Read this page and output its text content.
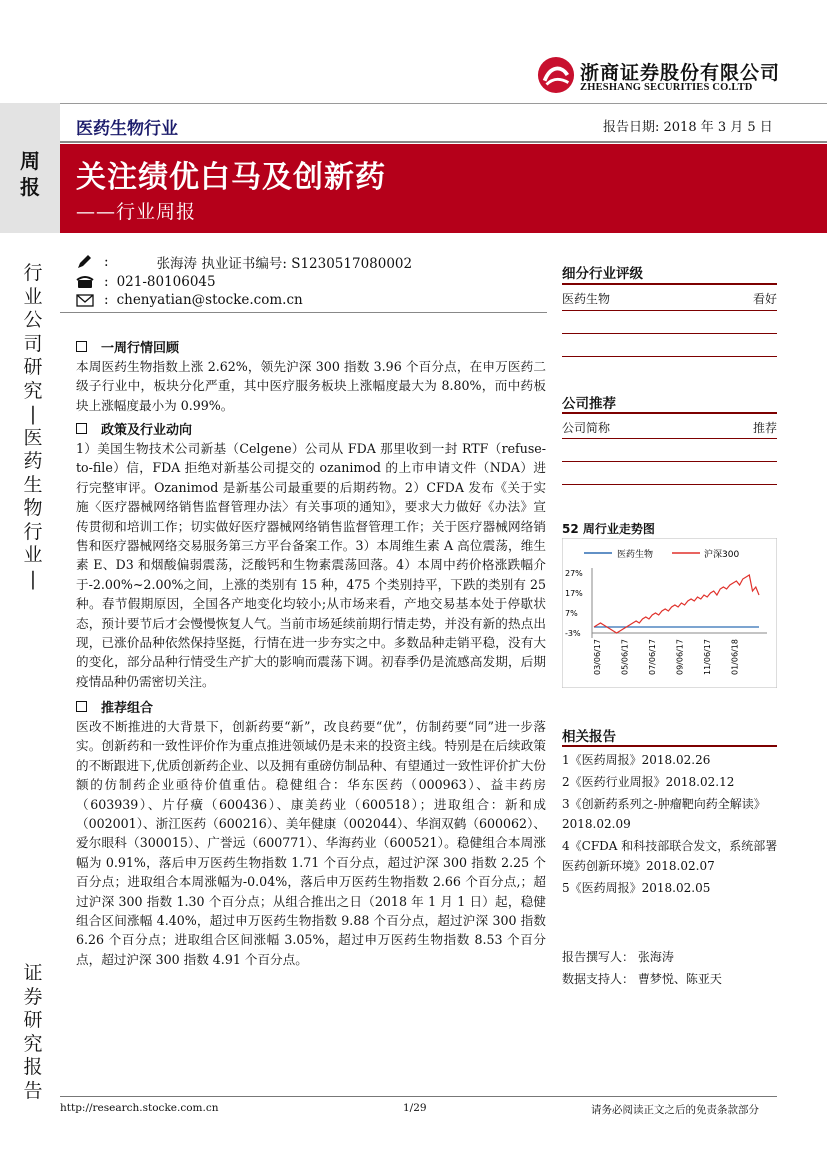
浙商证券股份有限公司
ZHESHANG SECURITIES CO.LTD
医药生物行业	报告日期: 2018 年 3 月 5 日
周
报 关注绩优白马及创新药
——行业周报
行
业
公
司
研
究
|
医
药
生
物
行
业
|
证
券
研
究
报
告
:	张海涛 执业证书编号: S1230517080002
: 021-80106045
: chenyatian@stocke.com.cn
一周行情回顾
本周医药生物指数上涨 2.62%，领先沪深 300 指数 3.96 个百分点，在申万医药二级子行业中，板块分化严重，其中医疗服务板块上涨幅度最大为 8.80%，而中药板块上涨幅度最小为 0.99%。
政策及行业动向
1）美国生物技术公司新基（Celgene）公司从 FDA 那里收到一封 RTF（refuse-to-file）信，FDA 拒绝对新基公司提交的 ozanimod 的上市申请文件（NDA）进行完整审评。Ozanimod 是新基公司最重要的后期药物。2）CFDA 发布《关于实施〈医疗器械网络销售监督管理办法〉有关事项的通知》，要求大力做好《办法》宣传贯彻和培训工作；切实做好医疗器械网络销售监督管理工作；关于医疗器械网络销售和医疗器械网络交易服务第三方平台备案工作。3）本周维生素 A 高位震荡，维生素 E、D3 和烟酸偏弱震荡，泛酸钙和生物素震荡回落。4）本周中药价格涨跌幅介于-2.00%~2.00%之间，上涨的类别有 15 种，475 个类别持平，下跌的类别有 25 种。春节假期原因，全国各产地变化均较小;从市场来看，产地交易基本处于停歇状态，预计要节后才会慢慢恢复人气。当前市场延续前期行情走势，并没有新的热点出现，已涨价品种依然保持坚挺，行情在进一步夯实之中。多数品种走销平稳，没有大的变化，部分品种行情受生产扩大的影响而震荡下调。初春季仍是流感高发期，后期疫情品种仍需密切关注。
推荐组合
医改不断推进的大背景下，创新药要“新”，改良药要“优”，仿制药要“同”进一步落实。创新药和一致性评价作为重点推进领域仍是未来的投资主线。特别是在后续政策的不断跟进下,优质创新药企业、以及拥有重磅仿制品种、有望通过一致性评价扩大份额的仿制药企业亟待价值重估。稳健组合：华东医药（000963）、益丰药房（603939）、片仔癀（600436）、康美药业（600518）；进取组合：新和成（002001）、浙江医药（600216）、美年健康（002044）、华润双鹤（600062）、爱尔眼科（300015）、广誉远（600771）、华海药业（600521）。稳健组合本周涨幅为 0.91%，落后申万医药生物指数 1.71 个百分点，超过沪深 300 指数 2.25 个百分点；进取组合本周涨幅为-0.04%，落后申万医药生物指数 2.66 个百分点,；超过沪深 300 指数 1.30 个百分点；从组合推出之日（2018 年 1 月 1 日）起，稳健组合区间涨幅 4.40%，超过申万医药生物指数 9.88 个百分点，超过沪深 300 指数 6.26 个百分点；进取组合区间涨幅 3.05%，超过申万医药生物指数 8.53 个百分点，超过沪深 300 指数 4.91 个百分点。
细分行业评级
医药生物	看好
公司推荐
公司简称	推荐
52 周行业走势图
医药生物	沪深300
27%
17%
7%
-3%
03/06/17 05/06/17 07/06/17 09/06/17 11/06/17 01/06/18
相关报告
1《医药周报》2018.02.26
2《医药行业周报》2018.02.12
3《创新药系列之-肿瘤靶向药全解读》
2018.02.09
4《CFDA 和科技部联合发文，系统部署
医药创新环境》2018.02.07
5《医药周报》2018.02.05
报告撰写人： 张海涛
数据支持人： 曹梦悦、陈亚天
http://research.stocke.com.cn	1/29	请务必阅读正文之后的免责条款部分
